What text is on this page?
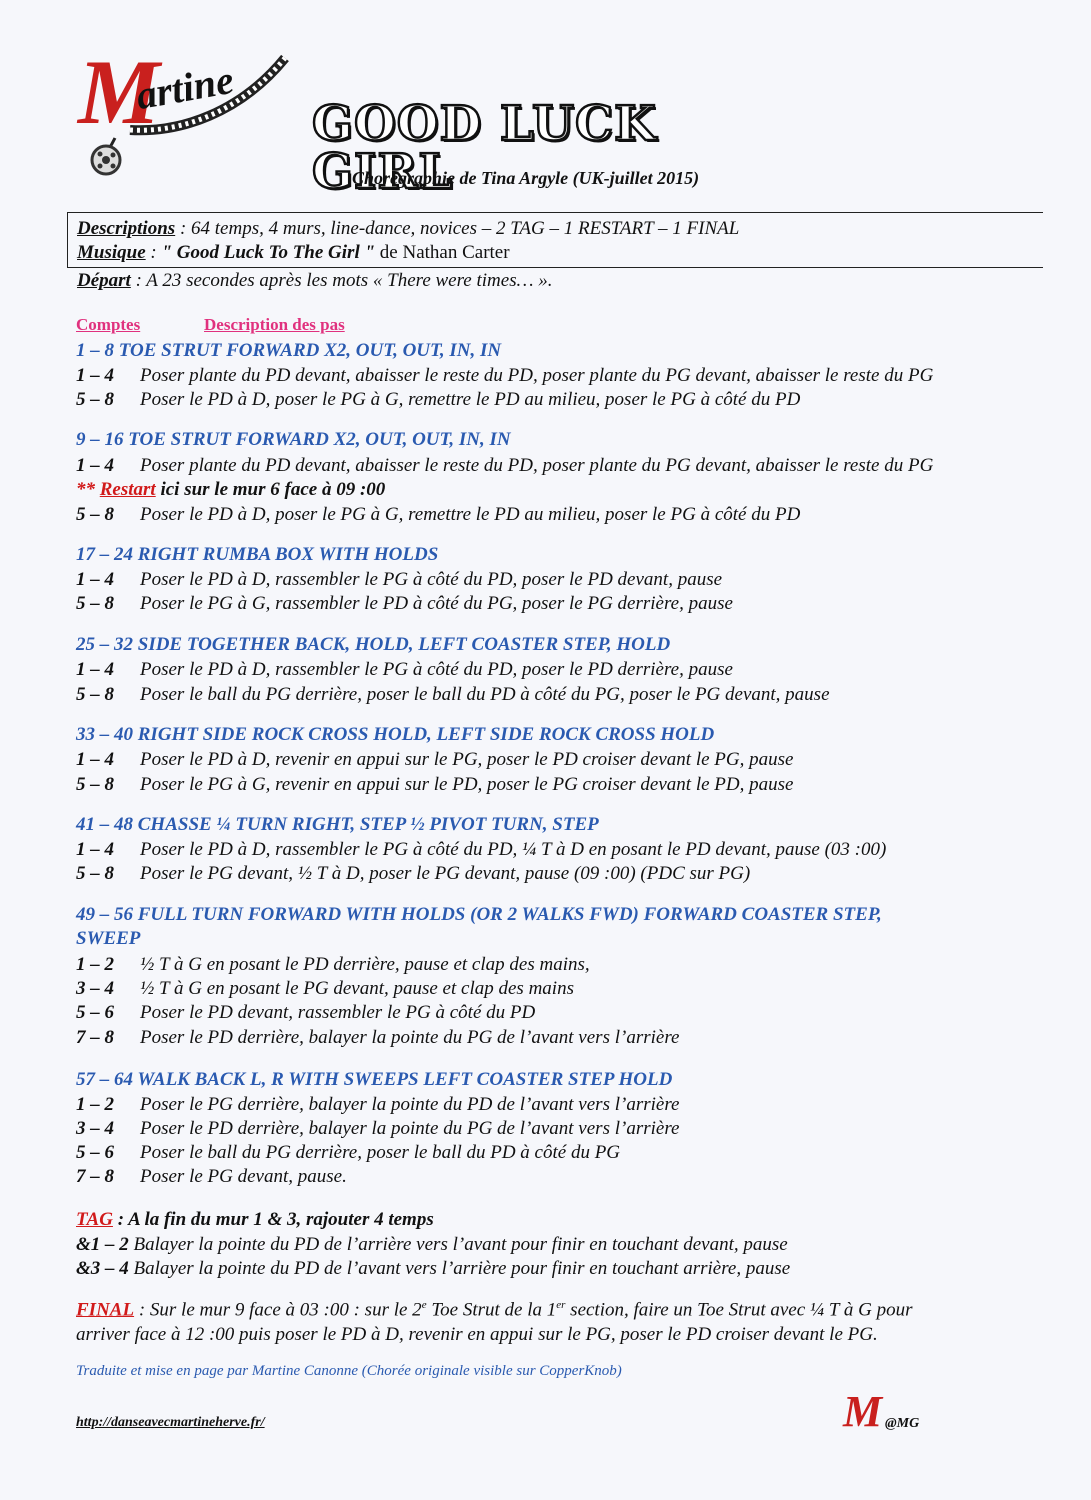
M
artine
GOOD LUCK GIRL
Chorégraphie de Tina Argyle (UK-juillet 2015)
Descriptions : 64 temps, 4 murs, line-dance, novices – 2 TAG – 1 RESTART – 1 FINAL
Musique : " Good Luck To The Girl " de Nathan Carter
Départ : A 23 secondes après les mots « There were times… ».
Comptes	Description des pas
1 – 8 TOE STRUT FORWARD X2, OUT, OUT, IN, IN
1 – 4 Poser plante du PD devant, abaisser le reste du PD, poser plante du PG devant, abaisser le reste du PG
5 – 8 Poser le PD à D, poser le PG à G, remettre le PD au milieu, poser le PG à côté du PD
9 – 16 TOE STRUT FORWARD X2, OUT, OUT, IN, IN
1 – 4 Poser plante du PD devant, abaisser le reste du PD, poser plante du PG devant, abaisser le reste du PG
** Restart ici sur le mur 6 face à 09 :00
5 – 8 Poser le PD à D, poser le PG à G, remettre le PD au milieu, poser le PG à côté du PD
17 – 24 RIGHT RUMBA BOX WITH HOLDS
1 – 4 Poser le PD à D, rassembler le PG à côté du PD, poser le PD devant, pause
5 – 8 Poser le PG à G, rassembler le PD à côté du PG, poser le PG derrière, pause
25 – 32 SIDE TOGETHER BACK, HOLD, LEFT COASTER STEP, HOLD
1 – 4 Poser le PD à D, rassembler le PG à côté du PD, poser le PD derrière, pause
5 – 8 Poser le ball du PG derrière, poser le ball du PD à côté du PG, poser le PG devant, pause
33 – 40 RIGHT SIDE ROCK CROSS HOLD, LEFT SIDE ROCK CROSS HOLD
1 – 4 Poser le PD à D, revenir en appui sur le PG, poser le PD croiser devant le PG, pause
5 – 8 Poser le PG à G, revenir en appui sur le PD, poser le PG croiser devant le PD, pause
41 – 48 CHASSE ¼ TURN RIGHT, STEP ½ PIVOT TURN, STEP
1 – 4 Poser le PD à D, rassembler le PG à côté du PD, ¼ T à D en posant le PD devant, pause (03 :00)
5 – 8 Poser le PG devant, ½ T à D, poser le PG devant, pause (09 :00) (PDC sur PG)
49 – 56 FULL TURN FORWARD WITH HOLDS (OR 2 WALKS FWD) FORWARD COASTER STEP,
SWEEP
1 – 2 ½ T à G en posant le PD derrière, pause et clap des mains,
3 – 4 ½ T à G en posant le PG devant, pause et clap des mains
5 – 6 Poser le PD devant, rassembler le PG à côté du PD
7 – 8 Poser le PD derrière, balayer la pointe du PG de l’avant vers l’arrière
57 – 64 WALK BACK L, R WITH SWEEPS LEFT COASTER STEP HOLD
1 – 2 Poser le PG derrière, balayer la pointe du PD de l’avant vers l’arrière
3 – 4 Poser le PD derrière, balayer la pointe du PG de l’avant vers l’arrière
5 – 6 Poser le ball du PG derrière, poser le ball du PD à côté du PG
7 – 8 Poser le PG devant, pause.
TAG : A la fin du mur 1 & 3, rajouter 4 temps
&1 – 2 Balayer la pointe du PD de l’arrière vers l’avant pour finir en touchant devant, pause
&3 – 4 Balayer la pointe du PD de l’avant vers l’arrière pour finir en touchant arrière, pause
FINAL : Sur le mur 9 face à 03 :00 : sur le 2e Toe Strut de la 1er section, faire un Toe Strut avec ¼ T à G pour
arriver face à 12 :00 puis poser le PD à D, revenir en appui sur le PG, poser le PD croiser devant le PG.
Traduite et mise en page par Martine Canonne (Chorée originale visible sur CopperKnob)
http://danseavecmartineherve.fr/	M @MG
